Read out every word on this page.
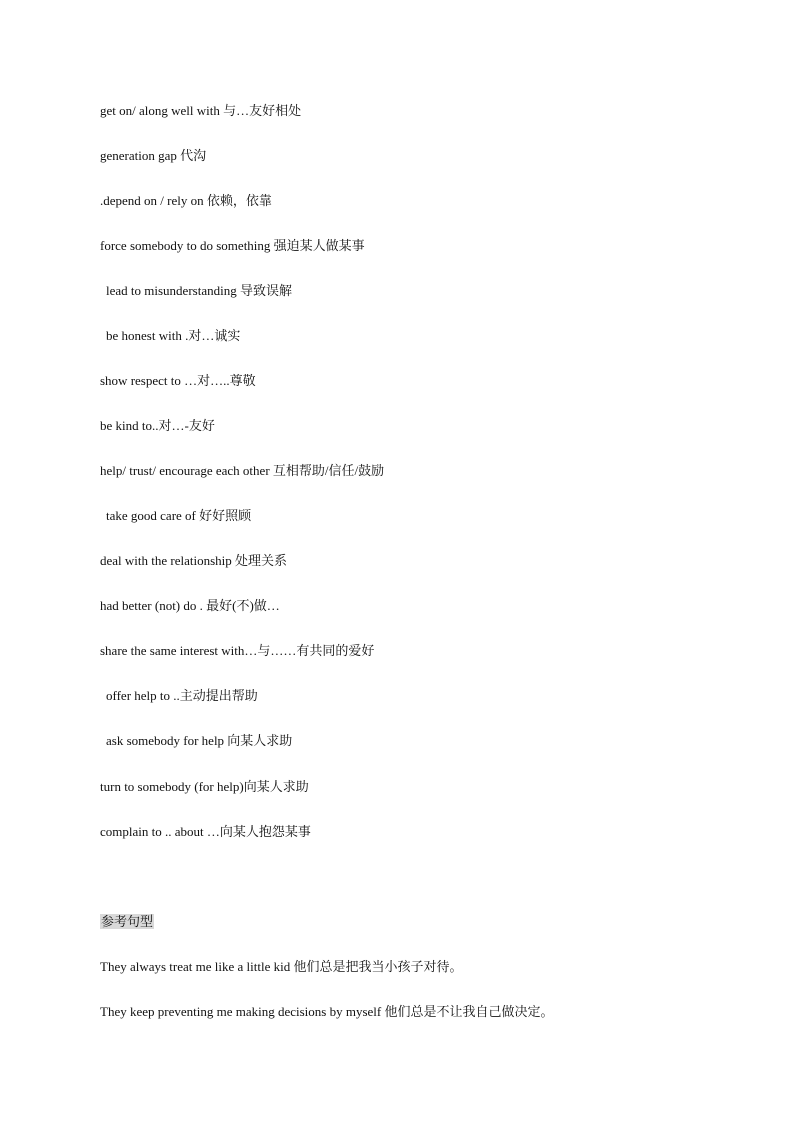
get on/ along well with 与…友好相处
generation gap 代沟
.depend on / rely on 依赖，依靠
force somebody to do something 强迫某人做某事
lead to misunderstanding 导致误解
be honest with .对…诚实
show respect to …对…..尊敬
be kind to..对…-友好
help/ trust/ encourage each other 互相帮助/信任/鼓励
take good care of 好好照顾
deal with the relationship 处理关系
had better (not) do . 最好(不)做…
share the same interest with…与……有共同的爱好
offer help to ..主动提出帮助
ask somebody for help 向某人求助
turn to somebody (for help)向某人求助
complain to .. about …向某人抱怨某事
参考句型
They always treat me like a little kid 他们总是把我当小孩子对待。
They keep preventing me making decisions by myself 他们总是不让我自己做决定。
